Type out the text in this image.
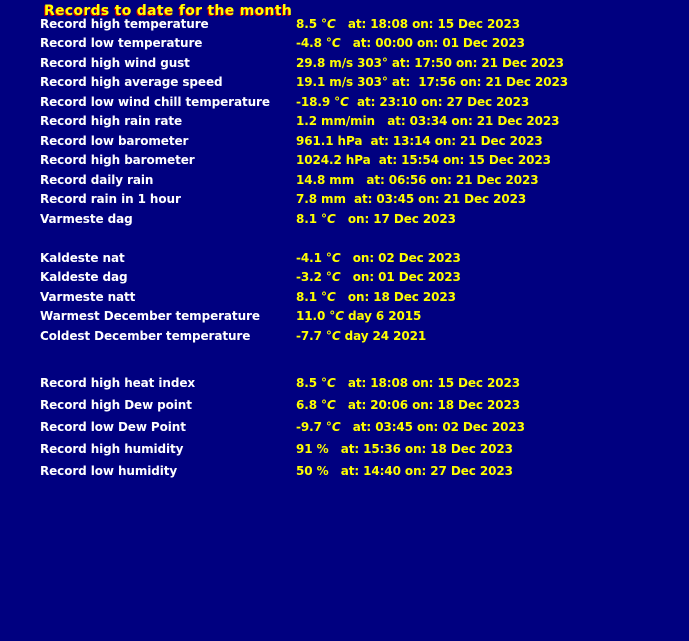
Records to date for the month
Record high temperature	8.5 °C   at: 18:08 on: 15 Dec 2023
Record low temperature	-4.8 °C   at: 00:00 on: 01 Dec 2023
Record high wind gust	29.8 m/s 303° at: 17:50 on: 21 Dec 2023
Record high average speed	19.1 m/s 303° at:  17:56 on: 21 Dec 2023
Record low wind chill temperature -18.9 °C  at: 23:10 on: 27 Dec 2023
Record high rain rate	1.2 mm/min   at: 03:34 on: 21 Dec 2023
Record low barometer	961.1 hPa  at: 13:14 on: 21 Dec 2023
Record high barometer	1024.2 hPa  at: 15:54 on: 15 Dec 2023
Record daily rain	14.8 mm   at: 06:56 on: 21 Dec 2023
Record rain in 1 hour	7.8 mm  at: 03:45 on: 21 Dec 2023
Varmeste dag	8.1 °C   on: 17 Dec 2023
Kaldeste nat	-4.1 °C   on: 02 Dec 2023
Kaldeste dag	-3.2 °C   on: 01 Dec 2023
Varmeste natt	8.1 °C   on: 18 Dec 2023
Warmest December temperature	11.0 °C day 6 2015
Coldest December temperature	-7.7 °C day 24 2021
Record high heat index	8.5 °C   at: 18:08 on: 15 Dec 2023
Record high Dew point	6.8 °C   at: 20:06 on: 18 Dec 2023
Record low Dew Point	-9.7 °C   at: 03:45 on: 02 Dec 2023
Record high humidity	91 %   at: 15:36 on: 18 Dec 2023
Record low humidity	50 %   at: 14:40 on: 27 Dec 2023
